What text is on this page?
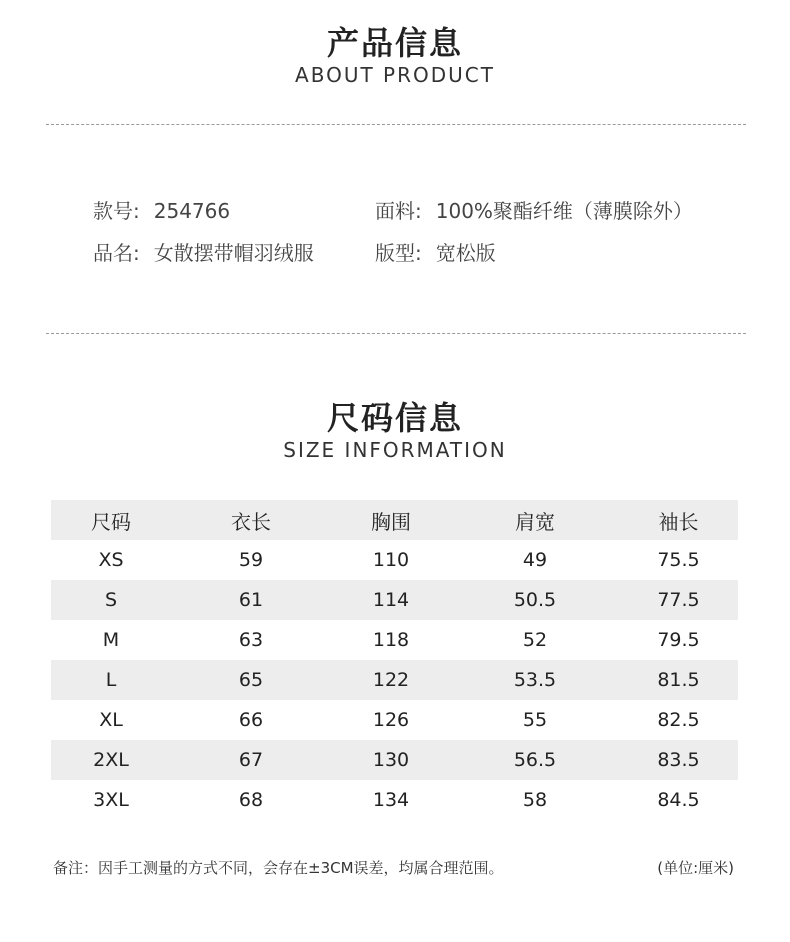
产品信息
ABOUT PRODUCT
款号: 254766	面料: 100%聚酯纤维（薄膜除外）
品名: 女散摆带帽羽绒服	版型: 宽松版
尺码信息
SIZE INFORMATION
尺码	衣长	胸围	肩宽	袖长
XS	59	110	49	75.5
S	61	114	50.5	77.5
M	63	118	52	79.5
L	65	122	53.5	81.5
XL	66	126	55	82.5
2XL	67	130	56.5	83.5
3XL	68	134	58	84.5
备注：因手工测量的方式不同，会存在±3CM误差，均属合理范围。	(单位:厘米)
